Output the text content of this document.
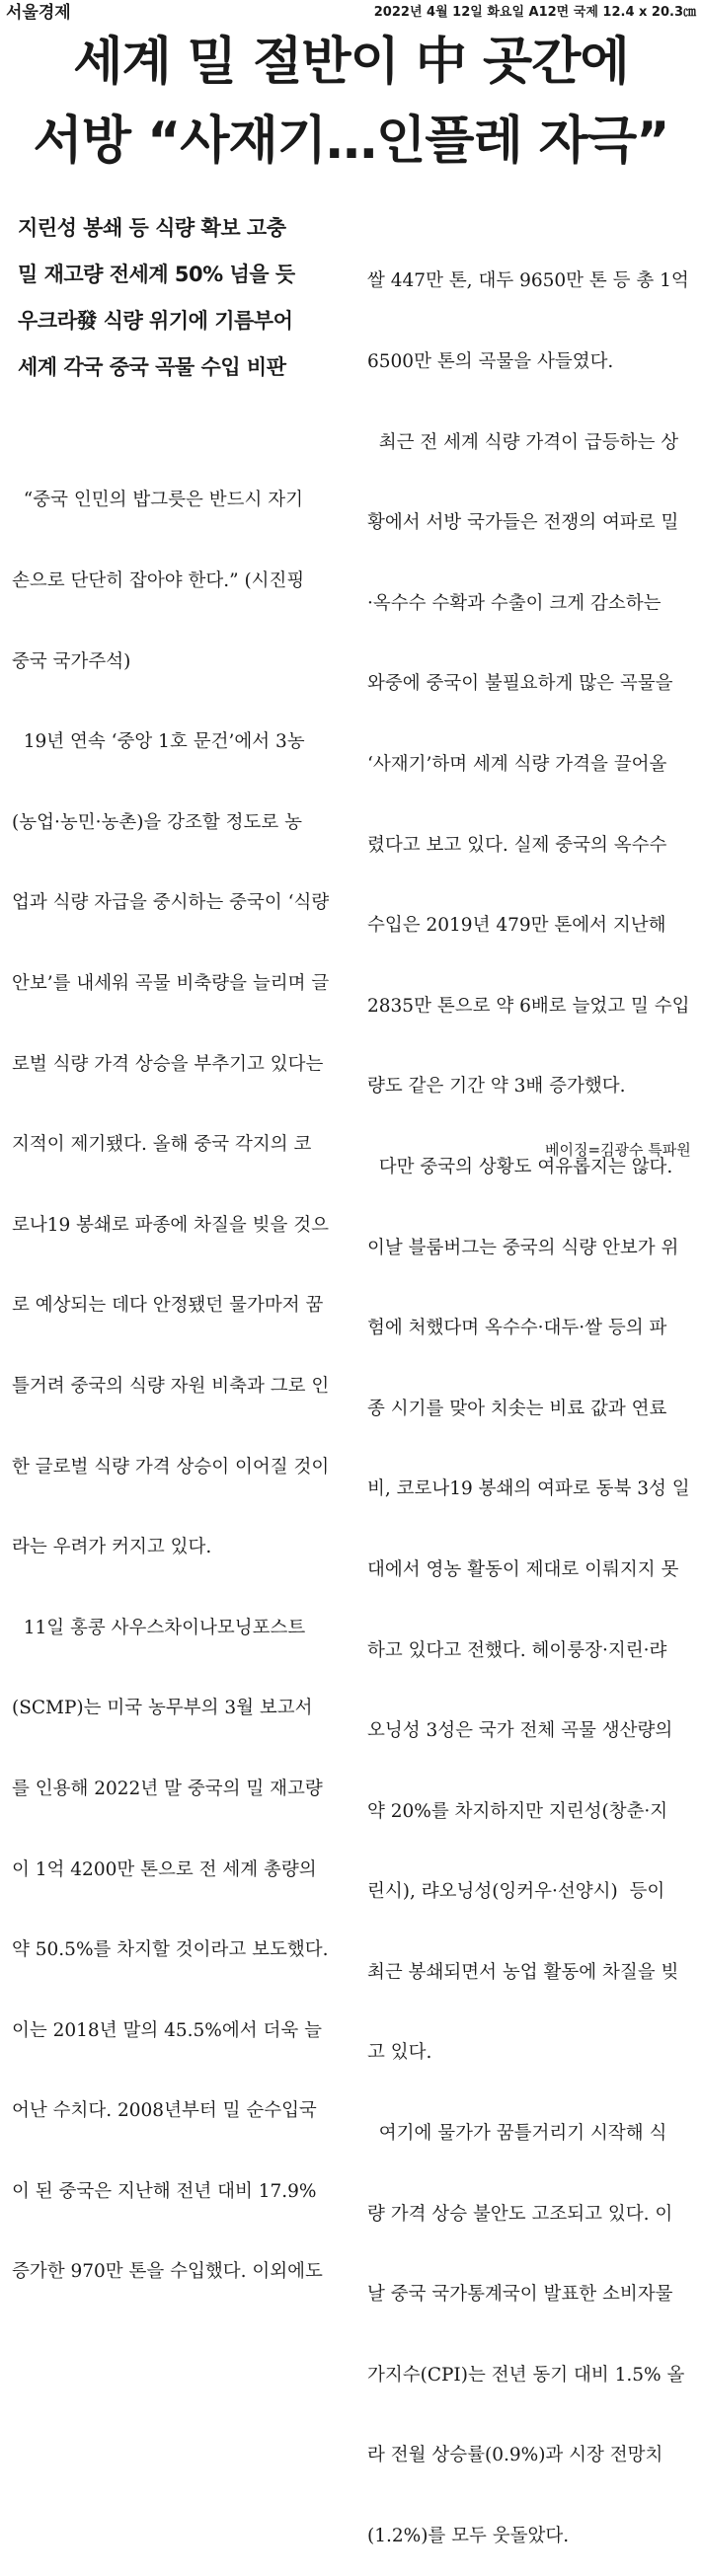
서울경제	2022년 4월 12일 화요일 A12면 국제 12.4 x 20.3㎝
세계 밀 절반이 中 곳간에
서방 “사재기…인플레 자극”
지린성 봉쇄 등 식량 확보 고충
밀 재고량 전세계 50% 넘을 듯
우크라發 식량 위기에 기름부어
세계 각국 중국 곡물 수입 비판

“중국 인민의 밥그릇은 반드시 자기

손으로 단단히 잡아야 한다.” (시진핑

중국 국가주석)

19년 연속 ‘중앙 1호 문건’에서 3농

(농업·농민·농촌)을 강조할 정도로 농

업과 식량 자급을 중시하는 중국이 ‘식량

안보’를 내세워 곡물 비축량을 늘리며 글

로벌 식량 가격 상승을 부추기고 있다는

지적이 제기됐다. 올해 중국 각지의 코

로나19 봉쇄로 파종에 차질을 빚을 것으

로 예상되는 데다 안정됐던 물가마저 꿈

틀거려 중국의 식량 자원 비축과 그로 인

한 글로벌 식량 가격 상승이 이어질 것이

라는 우려가 커지고 있다.

11일 홍콩 사우스차이나모닝포스트

(SCMP)는 미국 농무부의 3월 보고서

를 인용해 2022년 말 중국의 밀 재고량

이 1억 4200만 톤으로 전 세계 총량의

약 50.5%를 차지할 것이라고 보도했다.

이는 2018년 말의 45.5%에서 더욱 늘

어난 수치다. 2008년부터 밀 순수입국

이 된 중국은 지난해 전년 대비 17.9%

증가한 970만 톤을 수입했다. 이외에도

쌀 447만 톤, 대두 9650만 톤 등 총 1억

6500만 톤의 곡물을 사들였다.

최근 전 세계 식량 가격이 급등하는 상

황에서 서방 국가들은 전쟁의 여파로 밀

·옥수수 수확과 수출이 크게 감소하는

와중에 중국이 불필요하게 많은 곡물을

‘사재기’하며 세계 식량 가격을 끌어올

렸다고 보고 있다. 실제 중국의 옥수수

수입은 2019년 479만 톤에서 지난해

2835만 톤으로 약 6배로 늘었고 밀 수입

량도 같은 기간 약 3배 증가했다.

다만 중국의 상황도 여유롭지는 않다.

이날 블룸버그는 중국의 식량 안보가 위

험에 처했다며 옥수수·대두·쌀 등의 파

종 시기를 맞아 치솟는 비료 값과 연료

비, 코로나19 봉쇄의 여파로 동북 3성 일

대에서 영농 활동이 제대로 이뤄지지 못

하고 있다고 전했다. 헤이룽장·지린·랴

오닝성 3성은 국가 전체 곡물 생산량의

약 20%를 차지하지만 지린성(창춘·지

린시), 랴오닝성(잉커우·선양시)  등이

최근 봉쇄되면서 농업 활동에 차질을 빚

고 있다.

여기에 물가가 꿈틀거리기 시작해 식

량 가격 상승 불안도 고조되고 있다. 이

날 중국 국가통계국이 발표한 소비자물

가지수(CPI)는 전년 동기 대비 1.5% 올

라 전월 상승률(0.9%)과 시장 전망치

(1.2%)를 모두 웃돌았다.

베이징=김광수 특파원
